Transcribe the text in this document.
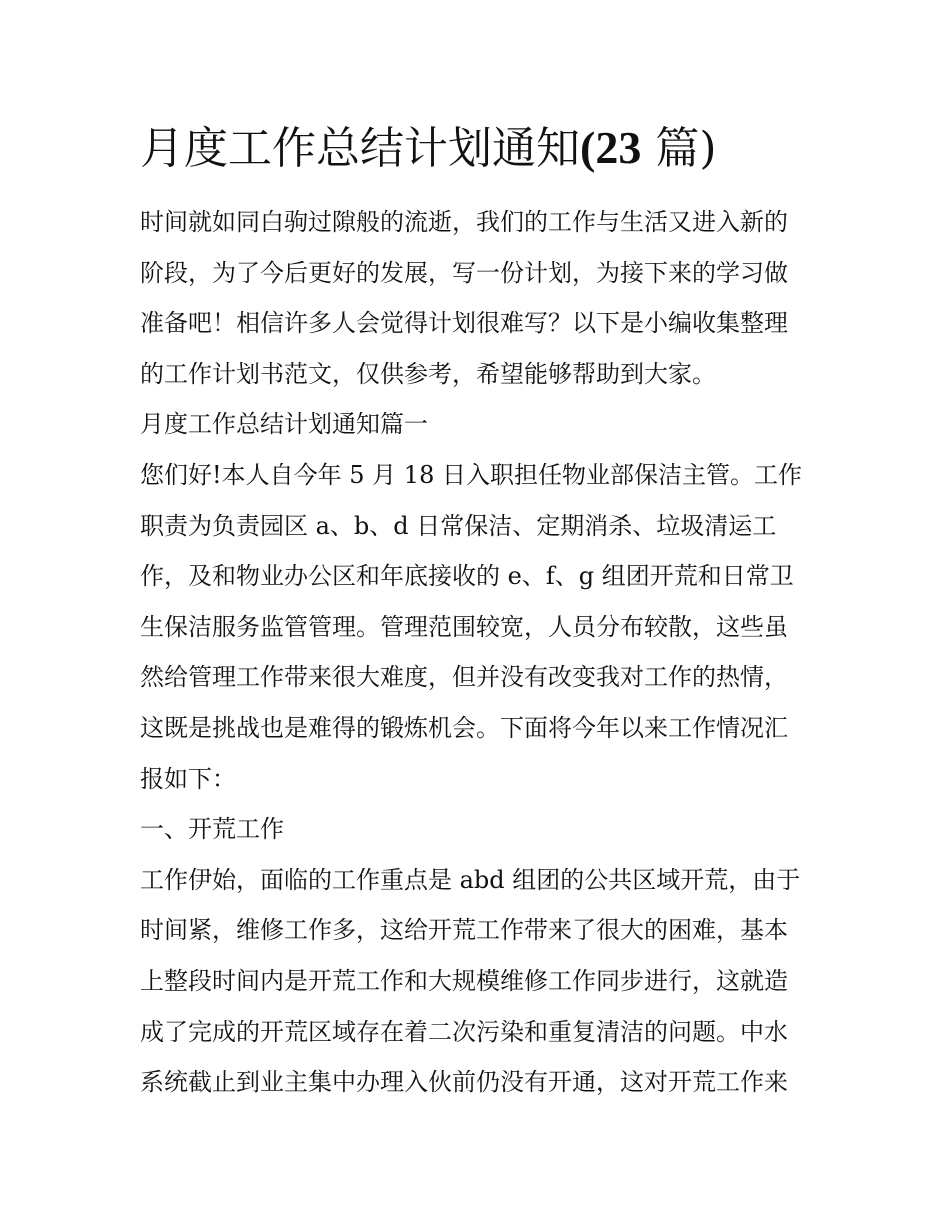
月度工作总结计划通知(23 篇)

时间就如同白驹过隙般的流逝，我们的工作与生活又进入新的

阶段，为了今后更好的发展，写一份计划，为接下来的学习做

准备吧！相信许多人会觉得计划很难写？以下是小编收集整理

的工作计划书范文，仅供参考，希望能够帮助到大家。

月度工作总结计划通知篇一

您们好!本人自今年 5 月 18 日入职担任物业部保洁主管。工作

职责为负责园区 a、b、d 日常保洁、定期消杀、垃圾清运工

作，及和物业办公区和年底接收的 e、f、g 组团开荒和日常卫

生保洁服务监管管理。管理范围较宽，人员分布较散，这些虽

然给管理工作带来很大难度，但并没有改变我对工作的热情，

这既是挑战也是难得的锻炼机会。下面将今年以来工作情况汇

报如下：

一、开荒工作

工作伊始，面临的工作重点是 abd 组团的公共区域开荒，由于

时间紧，维修工作多，这给开荒工作带来了很大的困难，基本

上整段时间内是开荒工作和大规模维修工作同步进行，这就造

成了完成的开荒区域存在着二次污染和重复清洁的问题。中水

系统截止到业主集中办理入伙前仍没有开通，这对开荒工作来
